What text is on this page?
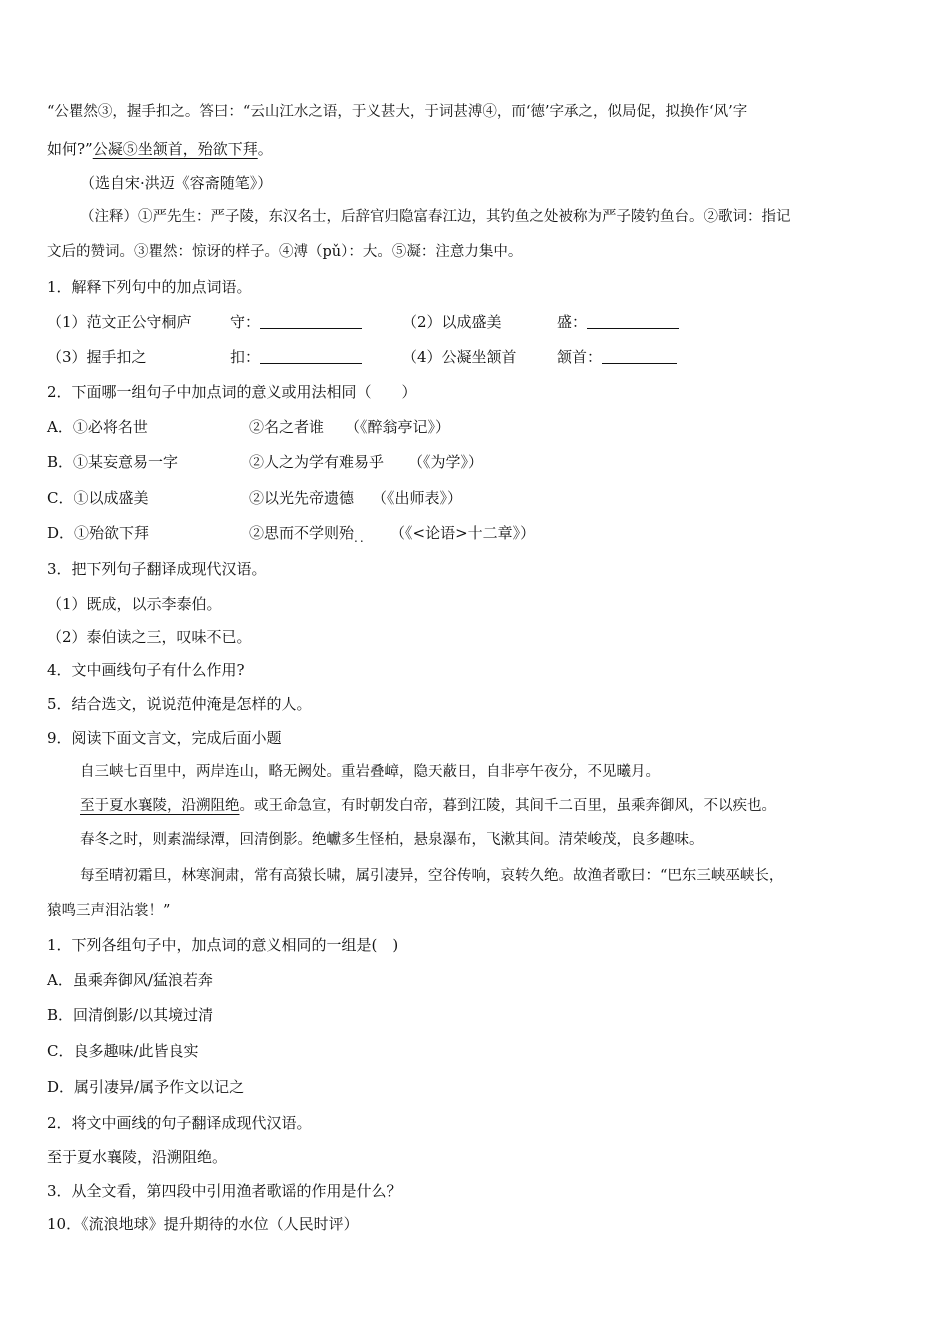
“公瞿然③，握手扣之。答曰：“云山江水之语，于义甚大，于词甚溥④，而‘德’字承之，似局促，拟换作‘风’字
如何?”公凝⑤坐颔首，殆欲下拜。
（选自宋·洪迈《容斋随笔》）
（注释）①严先生：严子陵，东汉名士，后辞官归隐富春江边，其钓鱼之处被称为严子陵钓鱼台。②歌词：指记
文后的赞词。③瞿然：惊讶的样子。④溥（pǔ）：大。⑤凝：注意力集中。
1．解释下列句中的加点词语。
（1）范文正公守桐庐	守：	（2）以成盛美	盛：
（3）握手扣之	扣：	（4）公凝坐颔首	颔首：
2．下面哪一组句子中加点词的意义或用法相同（　　）
A．①必将名世	②名之者谁 （《醉翁亭记》）
B．①某妄意易一字	②人之为学有难易乎 （《为学》）
C．①以成盛美	②以光先帝遗德 （《出师表》）
D．①殆欲下拜	②思而不学则殆$_{..}$ （《<论语>十二章》）
3．把下列句子翻译成现代汉语。
（1）既成，以示李泰伯。
（2）泰伯读之三，叹味不已。
4．文中画线句子有什么作用?
5．结合选文，说说范仲淹是怎样的人。
9．阅读下面文言文，完成后面小题
自三峡七百里中，两岸连山，略无阙处。重岩叠嶂，隐天蔽日，自非亭午夜分，不见曦月。
至于夏水襄陵，沿溯阻绝。或王命急宣，有时朝发白帝，暮到江陵，其间千二百里，虽乘奔御风，不以疾也。
春冬之时，则素湍绿潭，回清倒影。绝巘多生怪柏，悬泉瀑布，飞漱其间。清荣峻茂，良多趣味。
每至晴初霜旦，林寒涧肃，常有高猿长啸，属引凄异，空谷传响，哀转久绝。故渔者歌曰：“巴东三峡巫峡长，
猿鸣三声泪沾裳！”
1．下列各组句子中，加点词的意义相同的一组是(　)
A．虽乘奔御风/猛浪若奔
B．回清倒影/以其境过清
C．良多趣味/此皆良实
D．属引凄异/属予作文以记之
2．将文中画线的句子翻译成现代汉语。
至于夏水襄陵，沿溯阻绝。
3．从全文看，第四段中引用渔者歌谣的作用是什么？
10．《流浪地球》提升期待的水位（人民时评）
